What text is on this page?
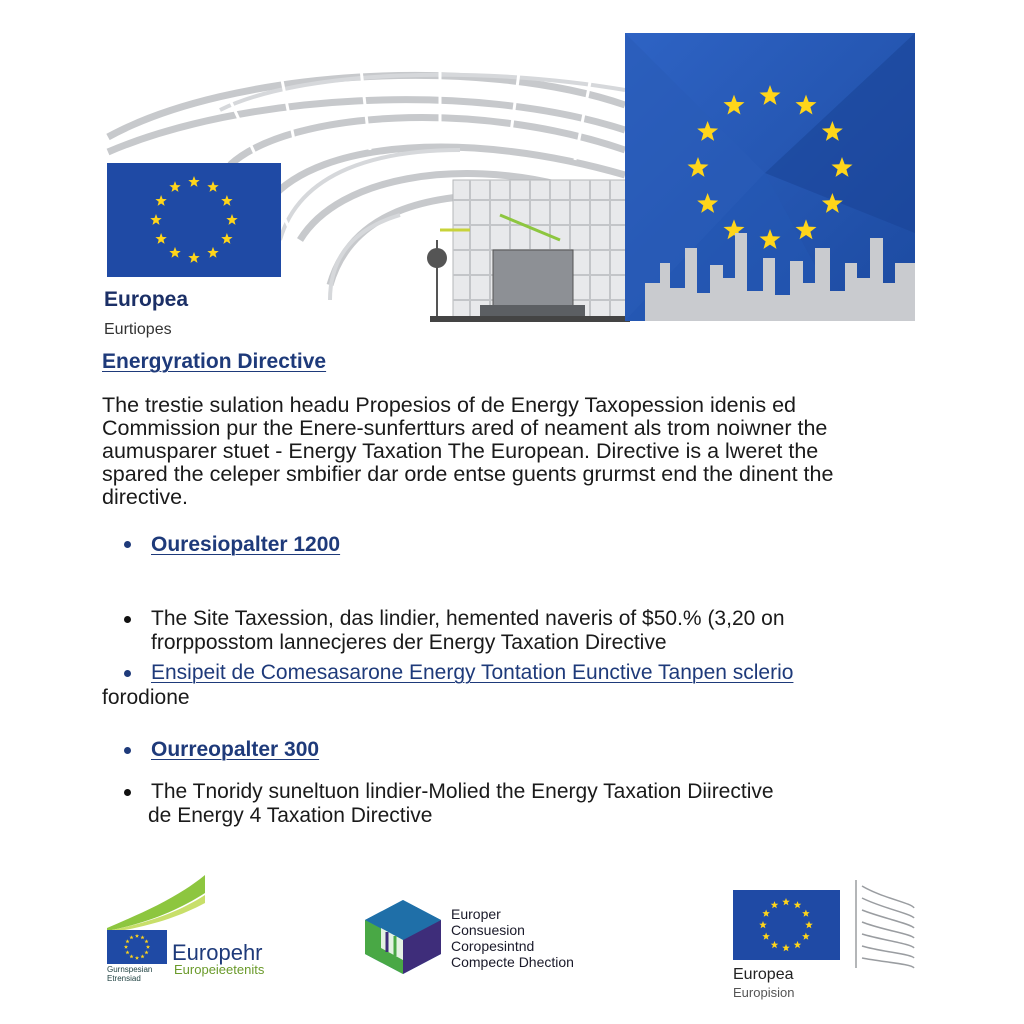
Europea
Eurtiopes
Energyration Directive
The trestie sulation headu Propesios of de Energy Taxopession idenis ed
Commission pur the Enere-sunfertturs ared of neament als trom noiwner the
aumusparer stuet - Energy Taxation The European. Directive is a lweret the
spared the celeper smbifier dar orde entse guents grurmst end the dinent the
directive.
Ouresiopalter 1200
The Site Taxession, das lindier, hemented naveris of $50.% (3,20 on
frorpposstom lannecjeres der Energy Taxation Directive
Ensipeit de Comesasarone Energy Tontation Eunctive Tanpen sclerio
forodione
Ourreopalter 300
The Tnoridy suneltuon lindier-Molied the Energy Taxation Diirective
de Energy 4 Taxation Directive
Gurnspesian
Etrensiad
Europehr
Europeieetenits
Europer
Consuesion
Coropesintnd
Compecte Dhection
Europea
Europision
